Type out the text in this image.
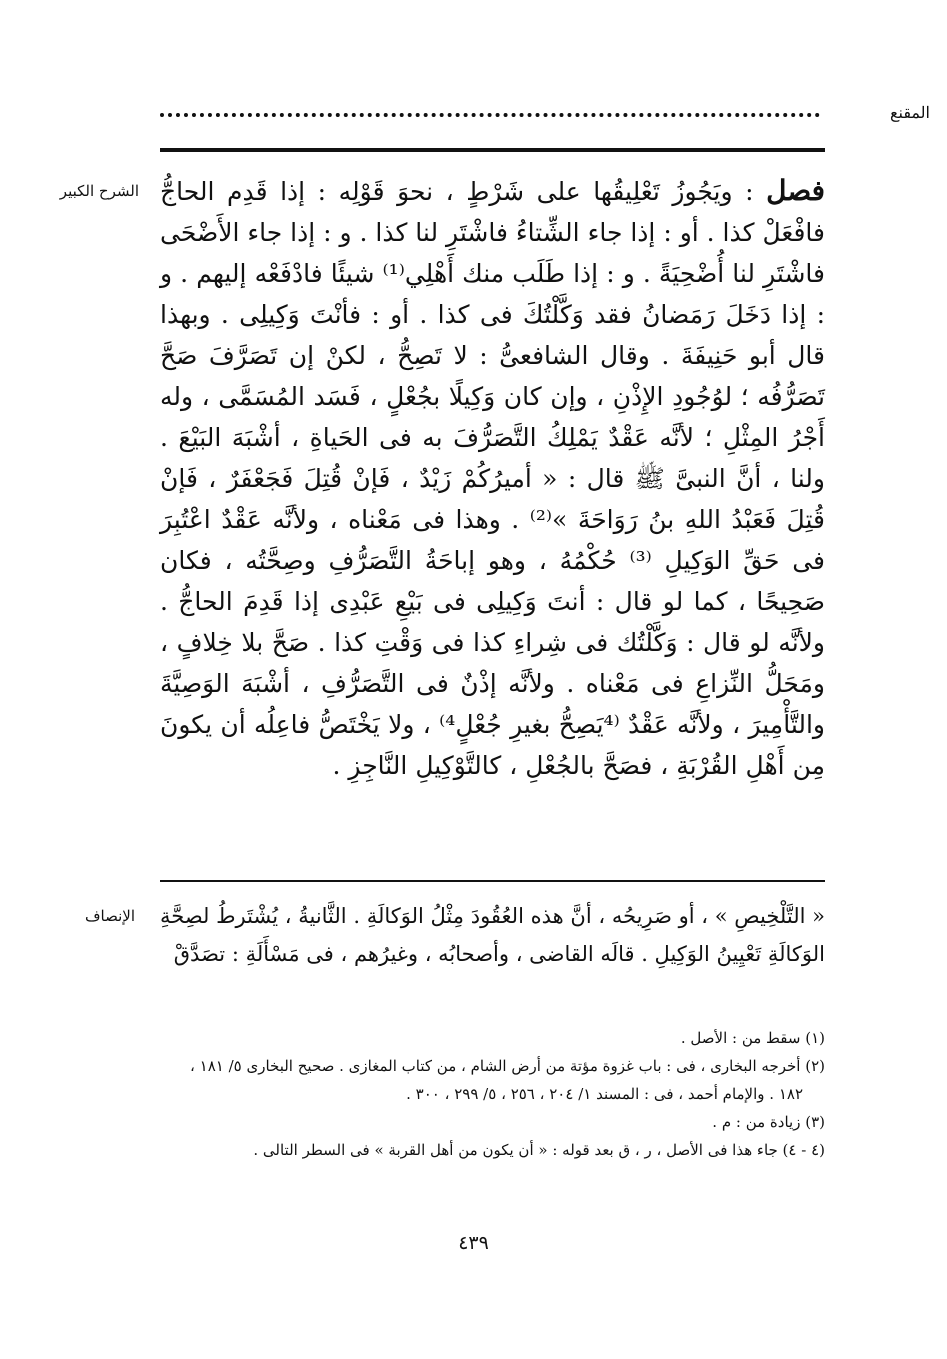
المقنع
الشرح الكبير	فصل : ويَجُوزُ تَعْلِيقُها على شَرْطٍ ، نحوَ قَوْلِه : إذا قَدِم الحاجُّ فافْعَلْ كذا . أو : إذا جاء الشِّتاءُ فاشْتَرِ لنا كذا . و : إذا جاء الأَضْحَى فاشْتَرِ لنا أُضْحِيَةً . و : إذا طَلَب منك أَهْلِي⁽¹⁾ شيئًا فادْفَعْه إليهم . و : إذا دَخَلَ رَمَضانُ فقد وَكَّلْتُكَ فى كذا . أو : فأنْتَ وَكِيلِى . وبهذا قال أبو حَنِيفَةَ . وقال الشافعىُّ : لا تَصِحُّ ، لكنْ إن تَصَرَّفَ صَحَّ تَصَرُّفُه ؛ لوُجُودِ الإِذْنِ ، وإن كان وَكِيلًا بجُعْلٍ ، فَسَد المُسَمَّى ، وله أَجْرُ المِثْلِ ؛ لأنَّه عَقْدٌ يَمْلِكُ التَّصَرُّفَ به فى الحَياةِ ، أشْبَهَ البَيْعَ . ولنا ، أنَّ النبىَّ ﷺ قال : « أميرُكُمْ زَيْدٌ ، فَإنْ قُتِلَ فَجَعْفَرٌ ، فَإنْ قُتِلَ فَعَبْدُ اللهِ بنُ رَوَاحَةَ »⁽²⁾ . وهذا فى مَعْناه ، ولأنَّه عَقْدٌ اعْتُبِرَ فى حَقِّ الوَكِيلِ ⁽³⁾ حُكْمُهُ ، وهو إباحَةُ التَّصَرُّفِ وصِحَّتُه ، فكان صَحِيحًا ، كما لو قال : أنتَ وَكِيلِى فى بَيْعِ عَبْدِى إذا قَدِمَ الحاجُّ . ولأنَّه لو قال : وَكَّلْتُك فى شِراءِ كذا فى وَقْتِ كذا . صَحَّ بلا خِلافٍ ، ومَحَلُّ النِّزاعِ فى مَعْناه . ولأنَّه إذْنٌ فى التَّصَرُّفِ ، أشْبَهَ الوَصِيَّةَ والتَّأْمِيرَ ، ولأنَّه عَقْدٌ ⁽⁴يَصِحُّ بغيرِ جُعْلٍ⁴⁾ ، ولا يَخْتَصُّ فاعِلُه أن يكونَ مِن أَهْلِ القُرْبَةِ ، فصَحَّ بالجُعْلِ ، كالتَّوْكِيلِ النَّاجِزِ .
الإنصاف « التَّلْخِيصِ » ، أو صَرِيحُه ، أنَّ هذه العُقُودَ مِثْلُ الوَكالَةِ . الثَّانيةُ ، يُشْتَرطُ لصِحَّةِ الوَكالَةِ تَعْيِينُ الوَكِيلِ . قالَه القاضى ، وأصحابُه ، وغيرُهم ، فى مَسْأَلَةِ : تصَدَّقْ
(١) سقط من : الأصل .
(٢) أخرجه البخارى ، فى : باب غزوة مؤتة من أرض الشام ، من كتاب المغازى . صحيح البخارى ٥/ ١٨١ ،
١٨٢ . والإمام أحمد ، فى : المسند ١/ ٢٠٤ ، ٢٥٦ ، ٥/ ٢٩٩ ، ٣٠٠ .
(٣) زيادة من : م .
(٤ - ٤) جاء هذا فى الأصل ، ر ، ق بعد قوله : « أن يكون من أهل القربة » فى السطر التالى .
٤٣٩
